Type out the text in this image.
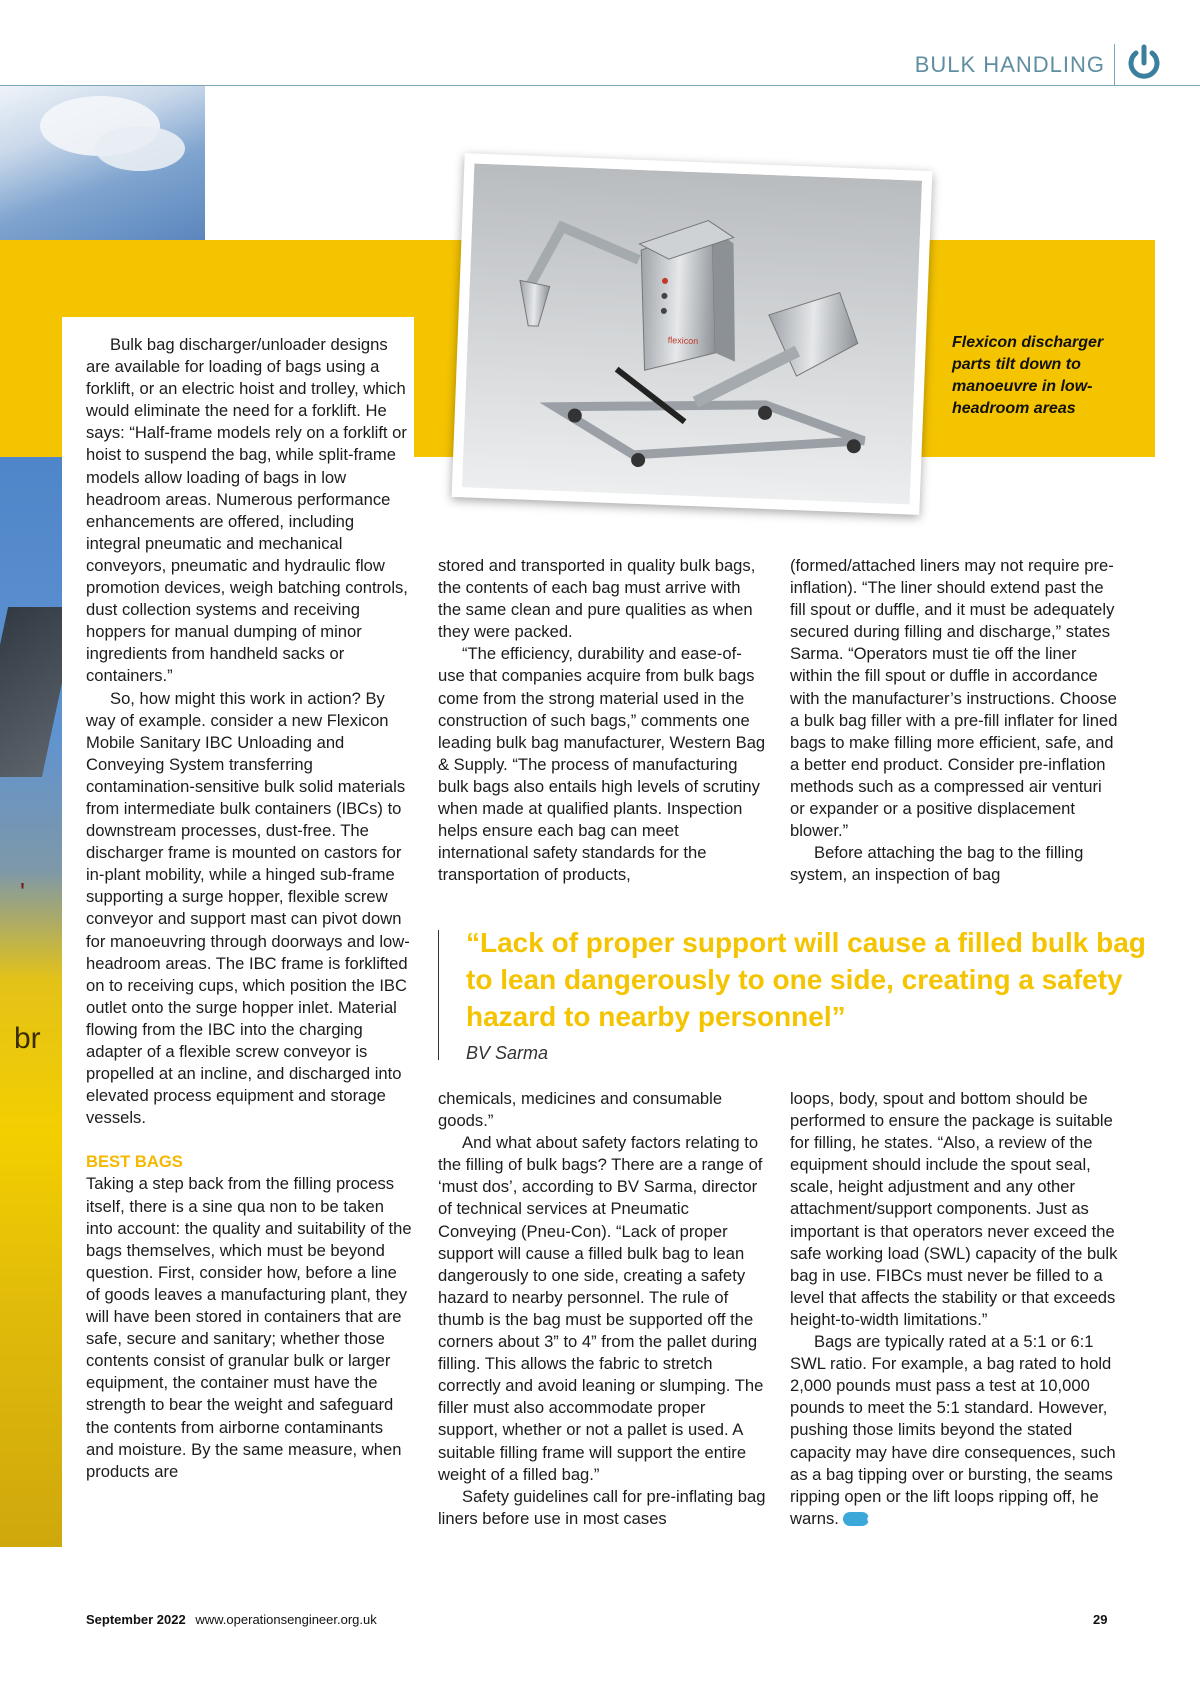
BULK HANDLING
'
br
flexicon	Flexicon discharger parts tilt down to manoeuvre in low-headroom areas

Bulk bag discharger/unloader designs are available for loading of bags using a forklift, or an electric hoist and trolley, which would eliminate the need for a forklift. He says: “Half-frame models rely on a forklift or hoist to suspend the bag, while split-frame models allow loading of bags in low headroom areas. Numerous performance enhancements are offered, including integral pneumatic and mechanical conveyors, pneumatic and hydraulic flow promotion devices, weigh batching controls, dust collection systems and receiving hoppers for manual dumping of minor ingredients from handheld sacks or containers.”

So, how might this work in action? By way of example. consider a new Flexicon Mobile Sanitary IBC Unloading and Conveying System transferring contamination-sensitive bulk solid materials from intermediate bulk containers (IBCs) to downstream processes, dust-free. The discharger frame is mounted on castors for in-plant mobility, while a hinged sub-frame supporting a surge hopper, flexible screw conveyor and support mast can pivot down for manoeuvring through doorways and low-headroom areas. The IBC frame is forklifted on to receiving cups, which position the IBC outlet onto the surge hopper inlet. Material flowing from the IBC into the charging adapter of a flexible screw conveyor is propelled at an incline, and discharged into elevated process equipment and storage vessels.

BEST BAGS

Taking a step back from the filling process itself, there is a sine qua non to be taken into account: the quality and suitability of the bags themselves, which must be beyond question. First, consider how, before a line of goods leaves a manufacturing plant, they will have been stored in containers that are safe, secure and sanitary; whether those contents consist of granular bulk or larger equipment, the container must have the strength to bear the weight and safeguard the contents from airborne contaminants and moisture. By the same measure, when products are

stored and transported in quality bulk bags, the contents of each bag must arrive with the same clean and pure qualities as when they were packed.

“The efficiency, durability and ease-of-use that companies acquire from bulk bags come from the strong material used in the construction of such bags,” comments one leading bulk bag manufacturer, Western Bag & Supply. “The process of manufacturing bulk bags also entails high levels of scrutiny when made at qualified plants. Inspection helps ensure each bag can meet international safety standards for the transportation of products,

(formed/attached liners may not require pre-inflation). “The liner should extend past the fill spout or duffle, and it must be adequately secured during filling and discharge,” states Sarma. “Operators must tie off the liner within the fill spout or duffle in accordance with the manufacturer’s instructions. Choose a bulk bag filler with a pre-fill inflater for lined bags to make filling more efficient, safe, and a better end product. Consider pre-inflation methods such as a compressed air venturi or expander or a positive displacement blower.”

Before attaching the bag to the filling system, an inspection of bag

“Lack of proper support will cause a filled bulk bag to lean dangerously to one side, creating a safety hazard to nearby personnel”
BV Sarma

chemicals, medicines and consumable goods.”

And what about safety factors relating to the filling of bulk bags? There are a range of ‘must dos’, according to BV Sarma, director of technical services at Pneumatic Conveying (Pneu-Con). “Lack of proper support will cause a filled bulk bag to lean dangerously to one side, creating a safety hazard to nearby personnel. The rule of thumb is the bag must be supported off the corners about 3” to 4” from the pallet during filling. This allows the fabric to stretch correctly and avoid leaning or slumping. The filler must also accommodate proper support, whether or not a pallet is used. A suitable filling frame will support the entire weight of a filled bag.”

Safety guidelines call for pre-inflating bag liners before use in most cases

loops, body, spout and bottom should be performed to ensure the package is suitable for filling, he states. “Also, a review of the equipment should include the spout seal, scale, height adjustment and any other attachment/support components. Just as important is that operators never exceed the safe working load (SWL) capacity of the bulk bag in use. FIBCs must never be filled to a level that affects the stability or that exceeds height-to-width limitations.”

Bags are typically rated at a 5:1 or 6:1 SWL ratio. For example, a bag rated to hold 2,000 pounds must pass a test at 10,000 pounds to meet the 5:1 standard. However, pushing those limits beyond the stated capacity may have dire consequences, such as a bag tipping over or bursting, the seams ripping open or the lift loops ripping off, he warns.	oe

September 2022 www.operationsengineer.org.uk	29
